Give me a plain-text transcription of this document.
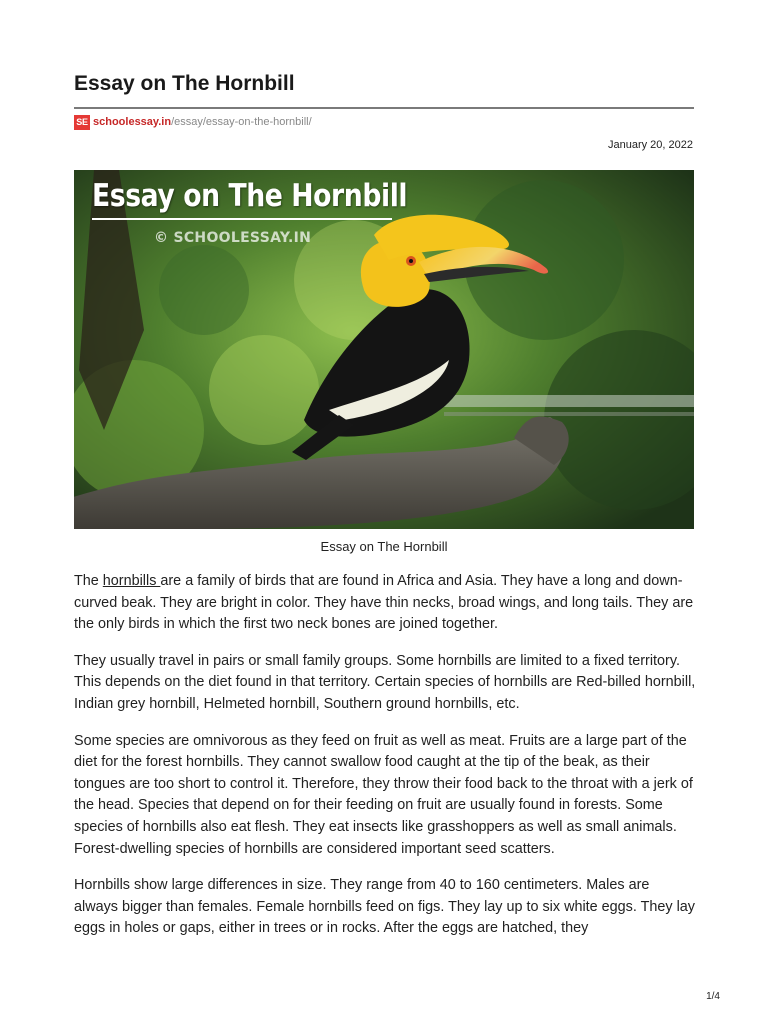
Essay on The Hornbill
SE schoolessay.in /essay/essay-on-the-hornbill/
January 20, 2022
Essay on The Hornbill
© SCHOOLESSAY.IN
Essay on The Hornbill

The hornbills are a family of birds that are found in Africa and Asia. They have a long and down-curved beak. They are bright in color. They have thin necks, broad wings, and long tails. They are the only birds in which the first two neck bones are joined together.

They usually travel in pairs or small family groups. Some hornbills are limited to a fixed territory. This depends on the diet found in that territory. Certain species of hornbills are Red-billed hornbill, Indian grey hornbill, Helmeted hornbill, Southern ground hornbills, etc.

Some species are omnivorous as they feed on fruit as well as meat. Fruits are a large part of the diet for the forest hornbills. They cannot swallow food caught at the tip of the beak, as their tongues are too short to control it. Therefore, they throw their food back to the throat with a jerk of the head. Species that depend on for their feeding on fruit are usually found in forests. Some species of hornbills also eat flesh. They eat insects like grasshoppers as well as small animals. Forest-dwelling species of hornbills are considered important seed scatters.

Hornbills show large differences in size. They range from 40 to 160 centimeters. Males are always bigger than females. Female hornbills feed on figs. They lay up to six white eggs. They lay eggs in holes or gaps, either in trees or in rocks. After the eggs are hatched, they

1/4
